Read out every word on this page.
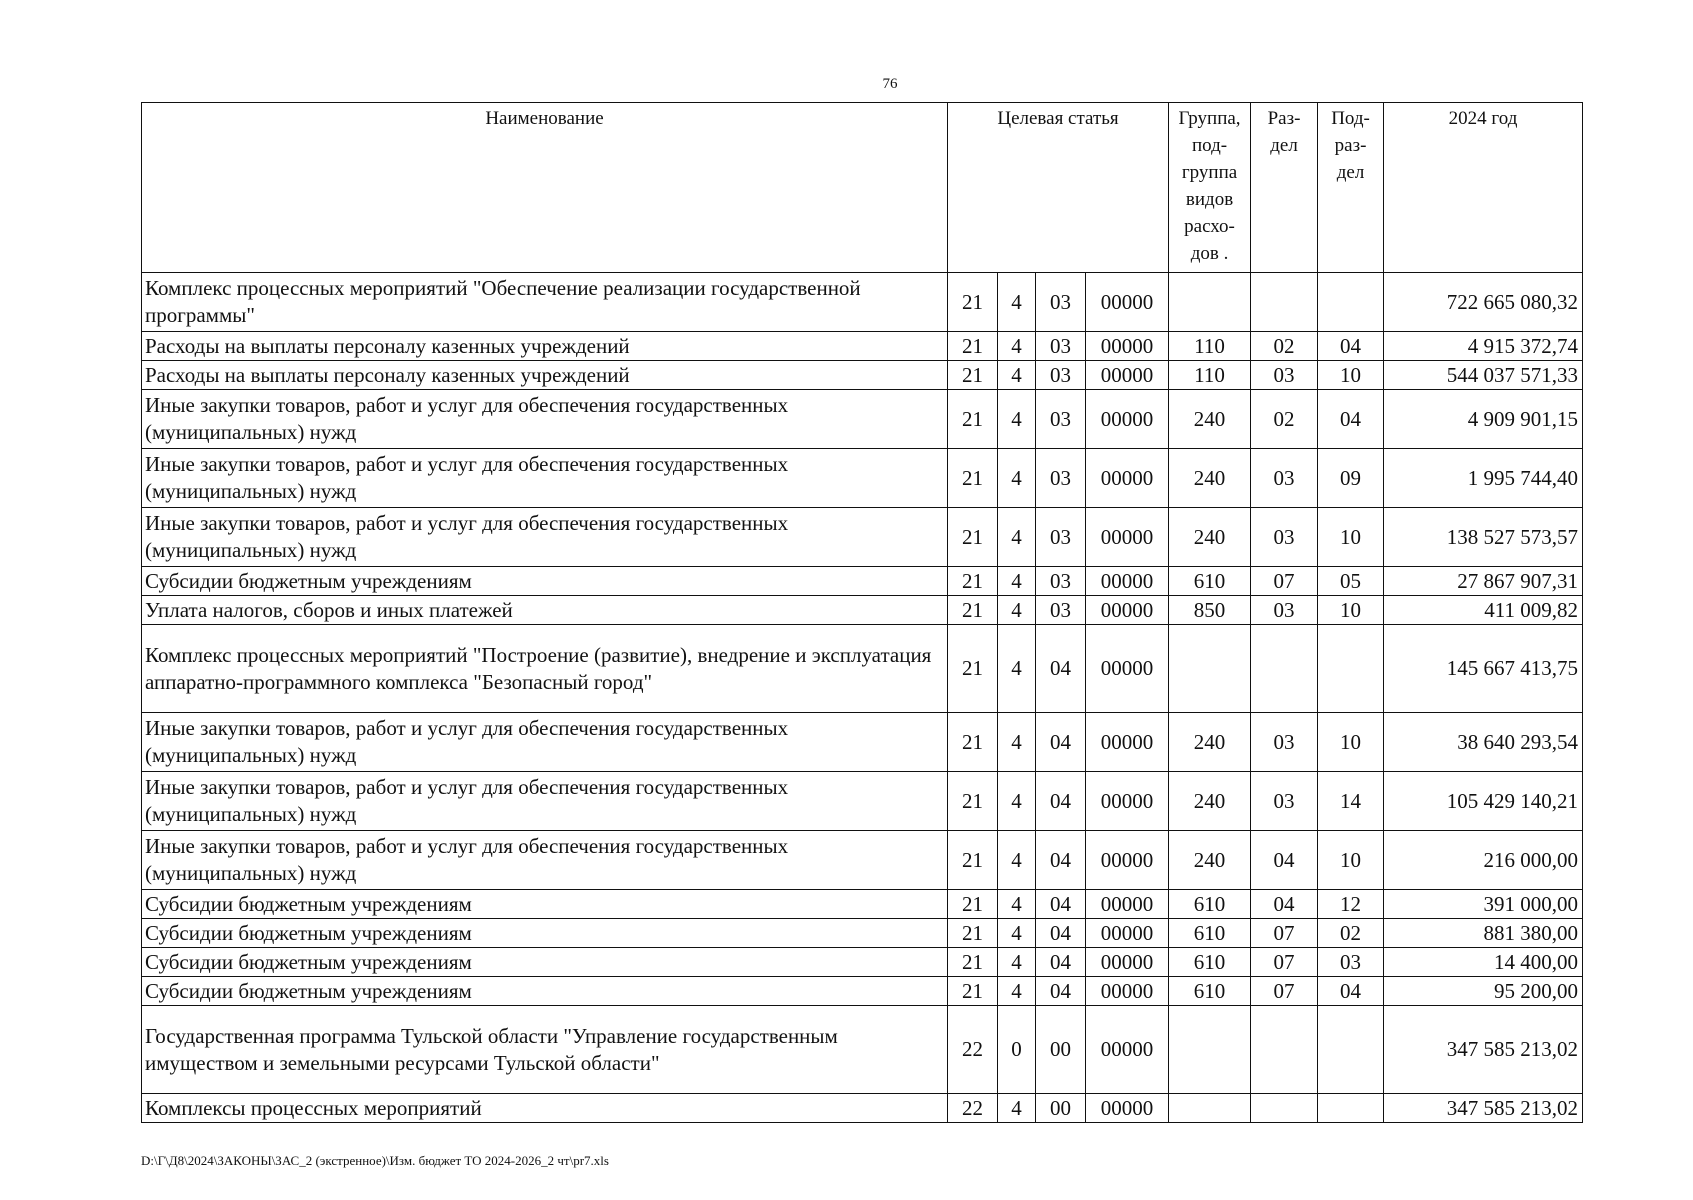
76
Наименование	Целевая статья				Группа, под-группа видов расхо-дов .	Раз-дел	Под-раз-дел	2024 год
Комплекс процессных мероприятий "Обеспечение реализации государственной программы"	21	4	03	00000				722 665 080,32
Расходы на выплаты персоналу казенных учреждений	21	4	03	00000	110	02	04	4 915 372,74
Расходы на выплаты персоналу казенных учреждений	21	4	03	00000	110	03	10	544 037 571,33
Иные закупки товаров, работ и услуг для обеспечения государственных (муниципальных) нужд	21	4	03	00000	240	02	04	4 909 901,15
Иные закупки товаров, работ и услуг для обеспечения государственных (муниципальных) нужд	21	4	03	00000	240	03	09	1 995 744,40
Иные закупки товаров, работ и услуг для обеспечения государственных (муниципальных) нужд	21	4	03	00000	240	03	10	138 527 573,57
Субсидии бюджетным учреждениям	21	4	03	00000	610	07	05	27 867 907,31
Уплата налогов, сборов и иных платежей	21	4	03	00000	850	03	10	411 009,82
Комплекс процессных мероприятий "Построение (развитие), внедрение и эксплуатация аппаратно-программного комплекса "Безопасный город"	21	4	04	00000				145 667 413,75
Иные закупки товаров, работ и услуг для обеспечения государственных (муниципальных) нужд	21	4	04	00000	240	03	10	38 640 293,54
Иные закупки товаров, работ и услуг для обеспечения государственных (муниципальных) нужд	21	4	04	00000	240	03	14	105 429 140,21
Иные закупки товаров, работ и услуг для обеспечения государственных (муниципальных) нужд	21	4	04	00000	240	04	10	216 000,00
Субсидии бюджетным учреждениям	21	4	04	00000	610	04	12	391 000,00
Субсидии бюджетным учреждениям	21	4	04	00000	610	07	02	881 380,00
Субсидии бюджетным учреждениям	21	4	04	00000	610	07	03	14 400,00
Субсидии бюджетным учреждениям	21	4	04	00000	610	07	04	95 200,00
Государственная программа Тульской области "Управление государственным имуществом и земельными ресурсами Тульской области"	22	0	00	00000				347 585 213,02
Комплексы процессных мероприятий	22	4	00	00000				347 585 213,02
D:\Г\Д8\2024\ЗАКОНЫ\ЗАС_2 (экстренное)\Изм. бюджет ТО 2024-2026_2 чт\pr7.xls
